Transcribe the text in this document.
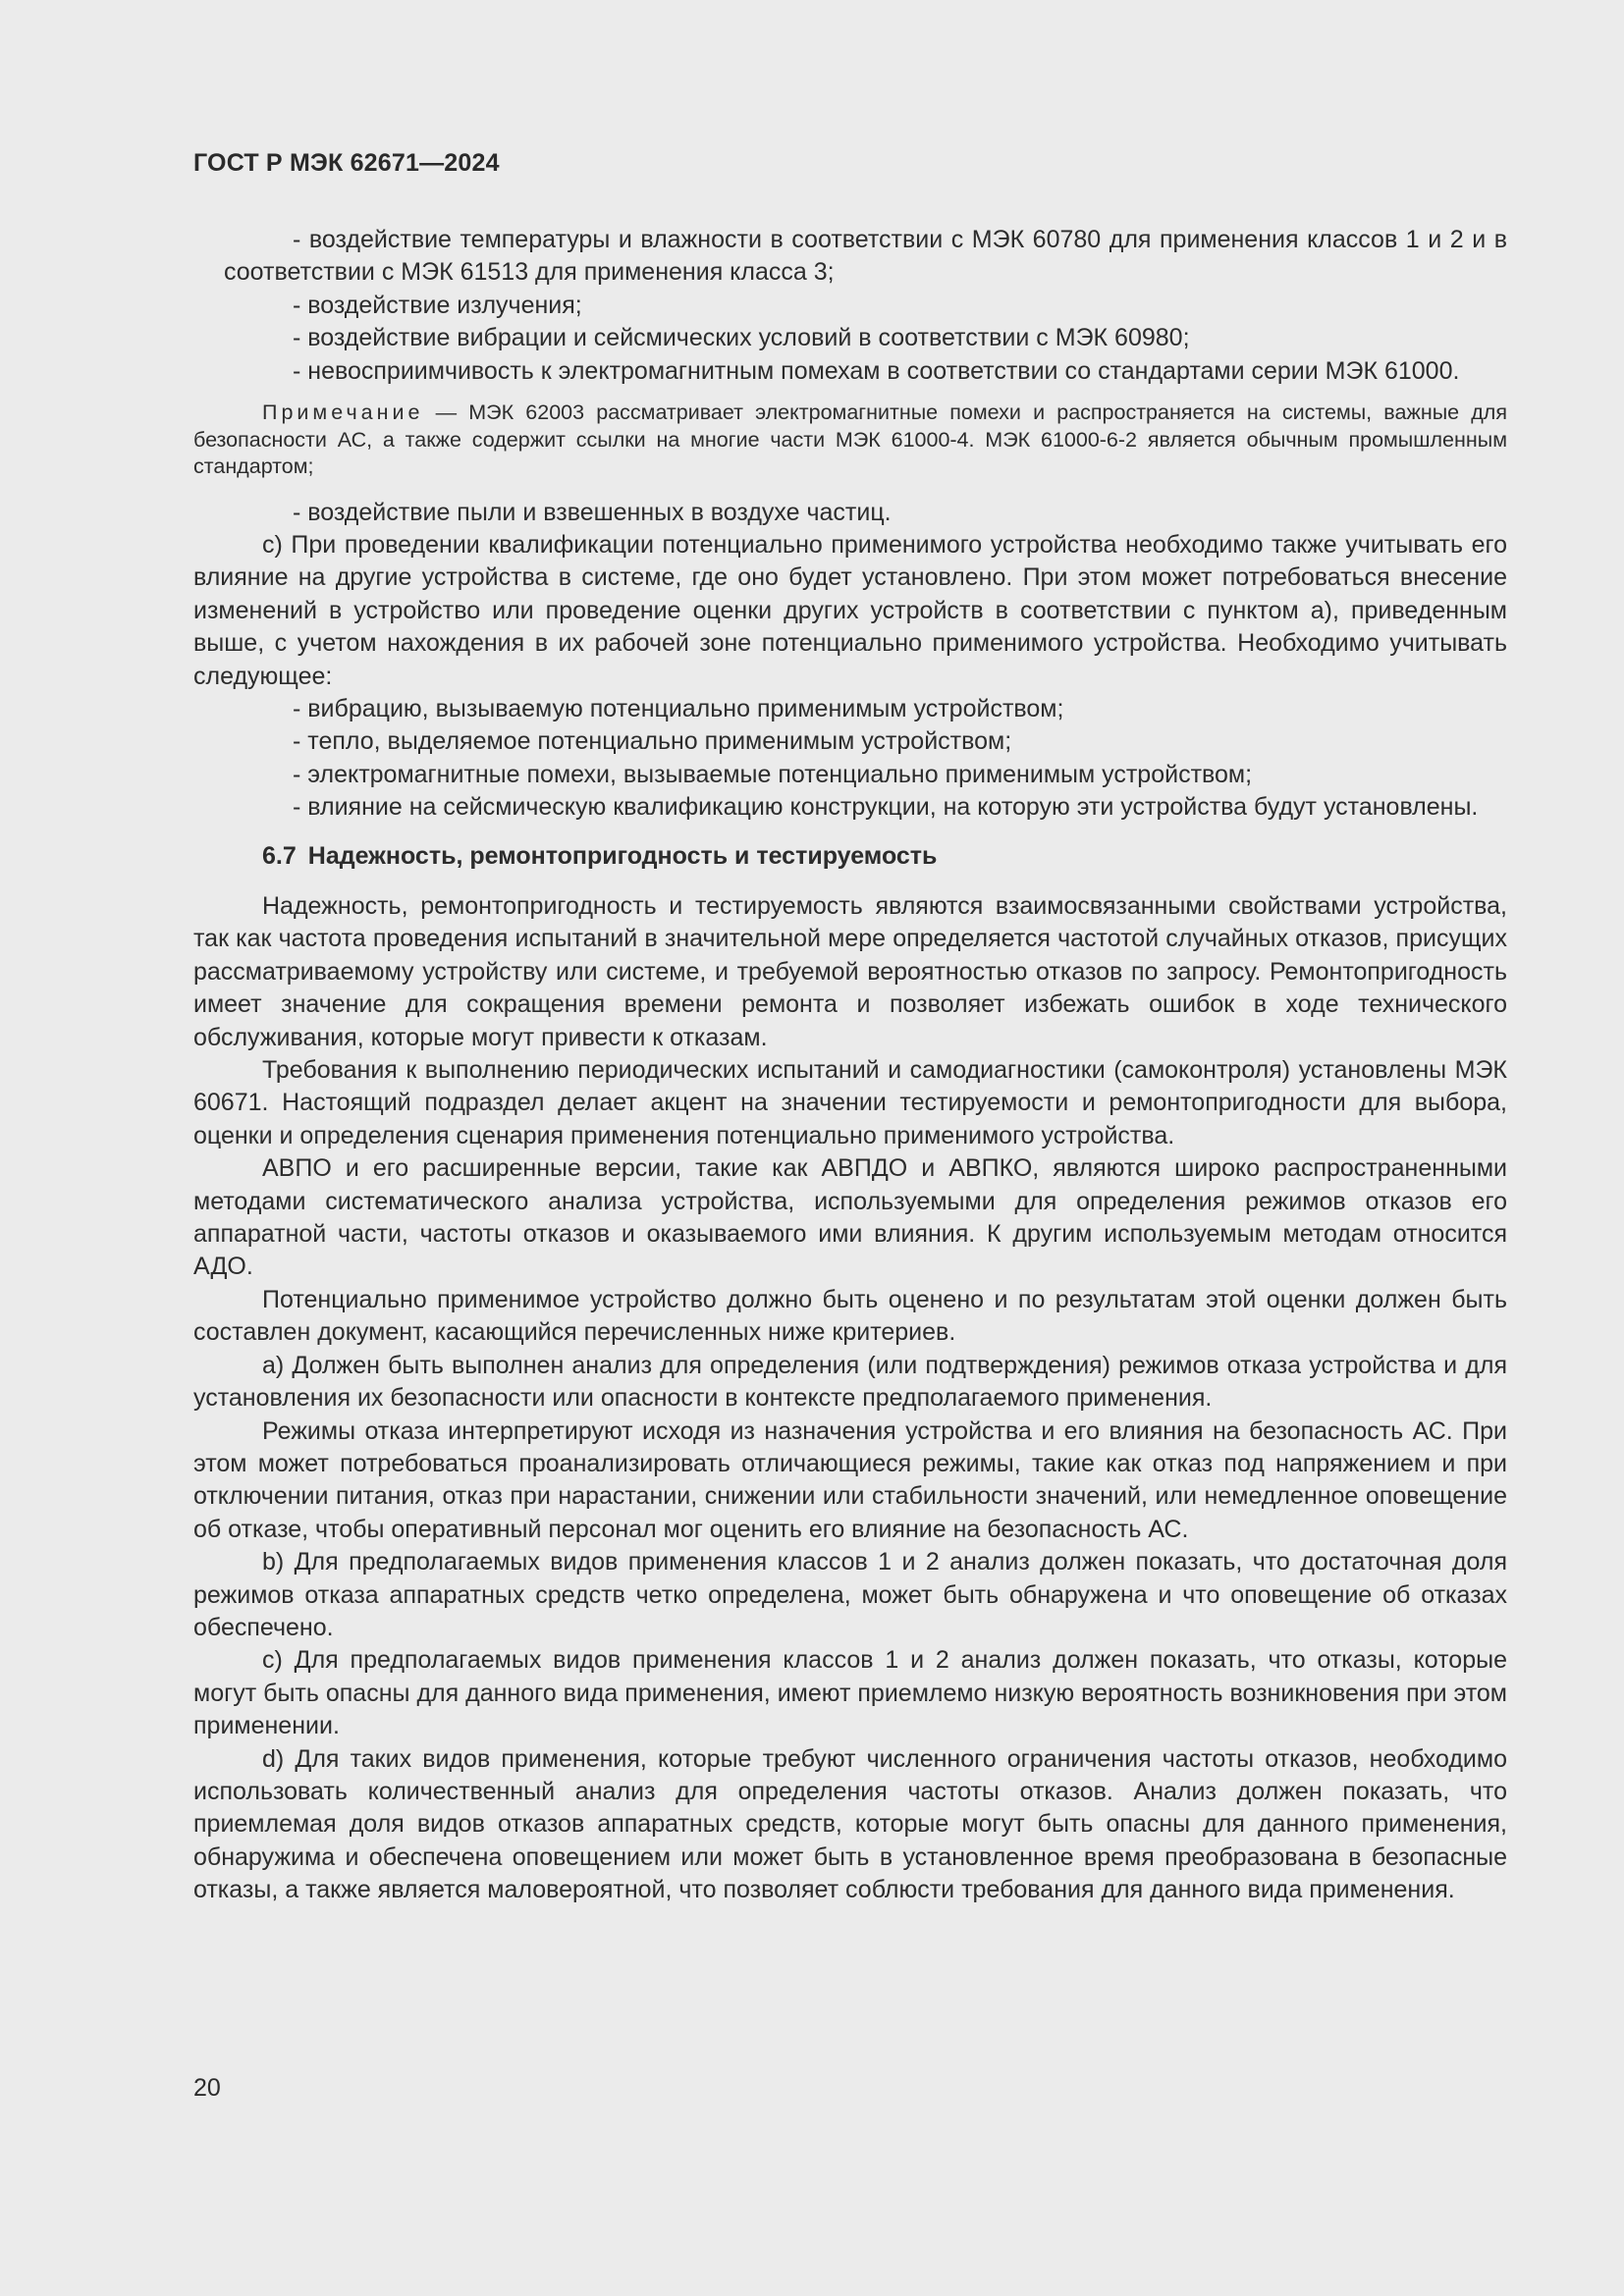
ГОСТ Р МЭК 62671—2024

- воздействие температуры и влажности в соответствии с МЭК 60780 для применения классов 1 и 2 и в соответствии с МЭК 61513 для применения класса 3;

- воздействие излучения;

- воздействие вибрации и сейсмических условий в соответствии с МЭК 60980;

- невосприимчивость к электромагнитным помехам в соответствии со стандартами серии МЭК 61000.

Примечание — МЭК 62003 рассматривает электромагнитные помехи и распространяется на системы, важные для безопасности АС, а также содержит ссылки на многие части МЭК 61000-4. МЭК 61000-6-2 является обычным промышленным стандартом;

- воздействие пыли и взвешенных в воздухе частиц.

c) При проведении квалификации потенциально применимого устройства необходимо также учитывать его влияние на другие устройства в системе, где оно будет установлено. При этом может потребоваться внесение изменений в устройство или проведение оценки других устройств в соответствии с пунктом а), приведенным выше, с учетом нахождения в их рабочей зоне потенциально применимого устройства. Необходимо учитывать следующее:

- вибрацию, вызываемую потенциально применимым устройством;

- тепло, выделяемое потенциально применимым устройством;

- электромагнитные помехи, вызываемые потенциально применимым устройством;

- влияние на сейсмическую квалификацию конструкции, на которую эти устройства будут установлены.

6.7 Надежность, ремонтопригодность и тестируемость

Надежность, ремонтопригодность и тестируемость являются взаимосвязанными свойствами устройства, так как частота проведения испытаний в значительной мере определяется частотой случайных отказов, присущих рассматриваемому устройству или системе, и требуемой вероятностью отказов по запросу. Ремонтопригодность имеет значение для сокращения времени ремонта и позволяет избежать ошибок в ходе технического обслуживания, которые могут привести к отказам.

Требования к выполнению периодических испытаний и самодиагностики (самоконтроля) установлены МЭК 60671. Настоящий подраздел делает акцент на значении тестируемости и ремонтопригодности для выбора, оценки и определения сценария применения потенциально применимого устройства.

АВПО и его расширенные версии, такие как АВПДО и АВПКО, являются широко распространенными методами систематического анализа устройства, используемыми для определения режимов отказов его аппаратной части, частоты отказов и оказываемого ими влияния. К другим используемым методам относится АДО.

Потенциально применимое устройство должно быть оценено и по результатам этой оценки должен быть составлен документ, касающийся перечисленных ниже критериев.

a) Должен быть выполнен анализ для определения (или подтверждения) режимов отказа устройства и для установления их безопасности или опасности в контексте предполагаемого применения.

Режимы отказа интерпретируют исходя из назначения устройства и его влияния на безопасность АС. При этом может потребоваться проанализировать отличающиеся режимы, такие как отказ под напряжением и при отключении питания, отказ при нарастании, снижении или стабильности значений, или немедленное оповещение об отказе, чтобы оперативный персонал мог оценить его влияние на безопасность АС.

b) Для предполагаемых видов применения классов 1 и 2 анализ должен показать, что достаточная доля режимов отказа аппаратных средств четко определена, может быть обнаружена и что оповещение об отказах обеспечено.

c) Для предполагаемых видов применения классов 1 и 2 анализ должен показать, что отказы, которые могут быть опасны для данного вида применения, имеют приемлемо низкую вероятность возникновения при этом применении.

d) Для таких видов применения, которые требуют численного ограничения частоты отказов, необходимо использовать количественный анализ для определения частоты отказов. Анализ должен показать, что приемлемая доля видов отказов аппаратных средств, которые могут быть опасны для данного применения, обнаружима и обеспечена оповещением или может быть в установленное время преобразована в безопасные отказы, а также является маловероятной, что позволяет соблюсти требования для данного вида применения.

20
